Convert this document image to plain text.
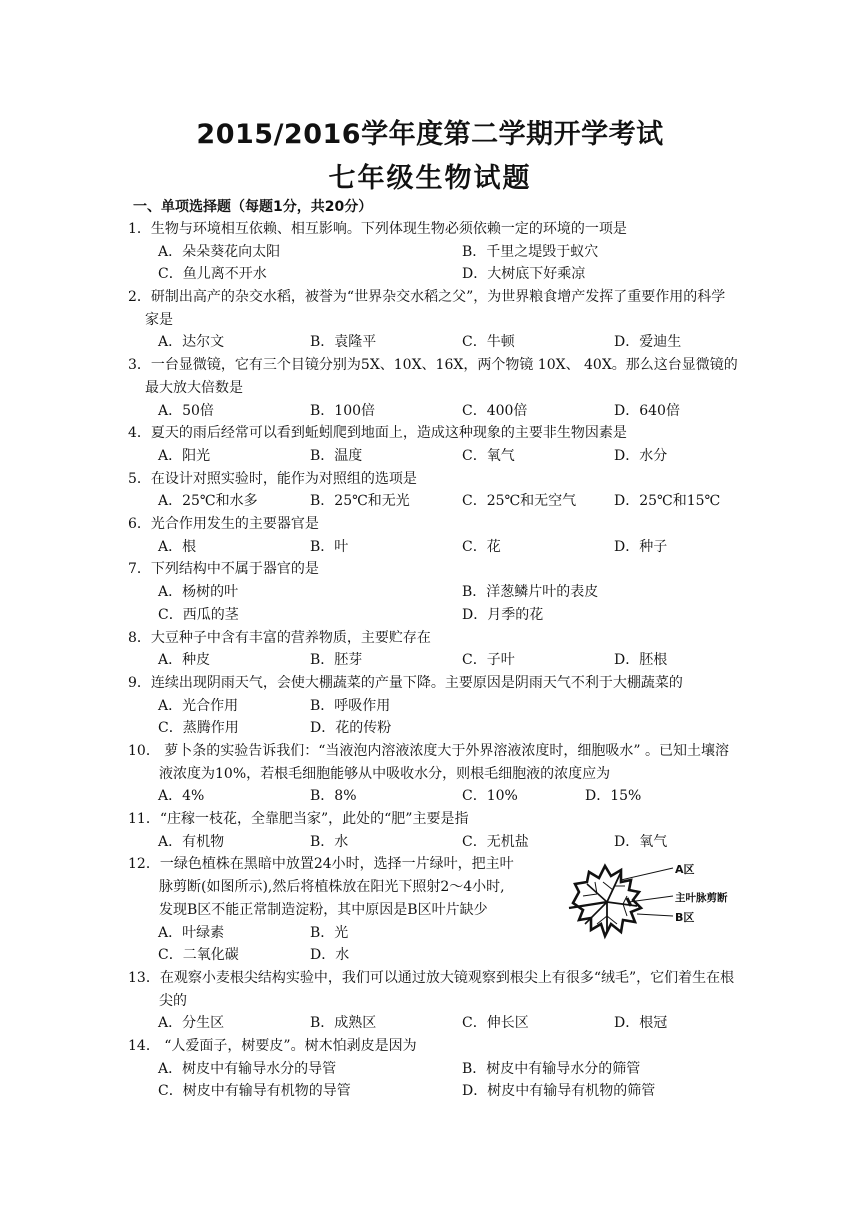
2015/2016学年度第二学期开学考试
七年级生物试题
一、单项选择题（每题1分，共20分）
1．生物与环境相互依赖、相互影响。下列体现生物必须依赖一定的环境的一项是
A．朵朵葵花向太阳	B．千里之堤毁于蚁穴
C．鱼儿离不开水	D．大树底下好乘凉
2．研制出高产的杂交水稻，被誉为“世界杂交水稻之父”，为世界粮食增产发挥了重要作用的科学家是
A．达尔文	B．袁隆平	C．牛顿	D．爱迪生
3．一台显微镜，它有三个目镜分别为5X、10X、16X，两个物镜 10X、 40X。那么这台显微镜的最大放大倍数是
A．50倍	B．100倍	C．400倍	D．640倍
4．夏天的雨后经常可以看到蚯蚓爬到地面上，造成这种现象的主要非生物因素是
A．阳光	B．温度	C．氧气	D．水分
5．在设计对照实验时，能作为对照组的选项是
A．25℃和水多	B．25℃和无光	C．25℃和无空气	D．25℃和15℃
6．光合作用发生的主要器官是
A．根	B．叶	C．花	D．种子
7．下列结构中不属于器官的是
A．杨树的叶	B．洋葱鳞片叶的表皮
C．西瓜的茎	D．月季的花
8．大豆种子中含有丰富的营养物质，主要贮存在
A．种皮	B．胚芽	C．子叶	D．胚根
9．连续出现阴雨天气，会使大棚蔬菜的产量下降。主要原因是阴雨天气不利于大棚蔬菜的
A．光合作用	B．呼吸作用
C．蒸腾作用	D．花的传粉
10． 萝卜条的实验告诉我们：“当液泡内溶液浓度大于外界溶液浓度时，细胞吸水” 。已知土壤溶液浓度为10%，若根毛细胞能够从中吸收水分，则根毛细胞液的浓度应为
A．4%	B．8%	C．10%	D．15%
11．“庄稼一枝花，全靠肥当家”，此处的“肥”主要是指
A．有机物	B．水	C．无机盐	D．氧气
12．一绿色植株在黑暗中放置24小时，选择一片绿叶，把主叶
脉剪断(如图所示),然后将植株放在阳光下照射2～4小时,
发现B区不能正常制造淀粉，其中原因是B区叶片缺少
A．叶绿素	B．光
C．二氧化碳	D．水
13．在观察小麦根尖结构实验中，我们可以通过放大镜观察到根尖上有很多“绒毛”，它们着生在根尖的
A．分生区	B．成熟区	C．伸长区	D．根冠
14． “人爱面子，树要皮”。树木怕剥皮是因为
A．树皮中有输导水分的导管	B．树皮中有输导水分的筛管
C．树皮中有输导有机物的导管	D．树皮中有输导有机物的筛管
A区
主叶脉剪断
B区
